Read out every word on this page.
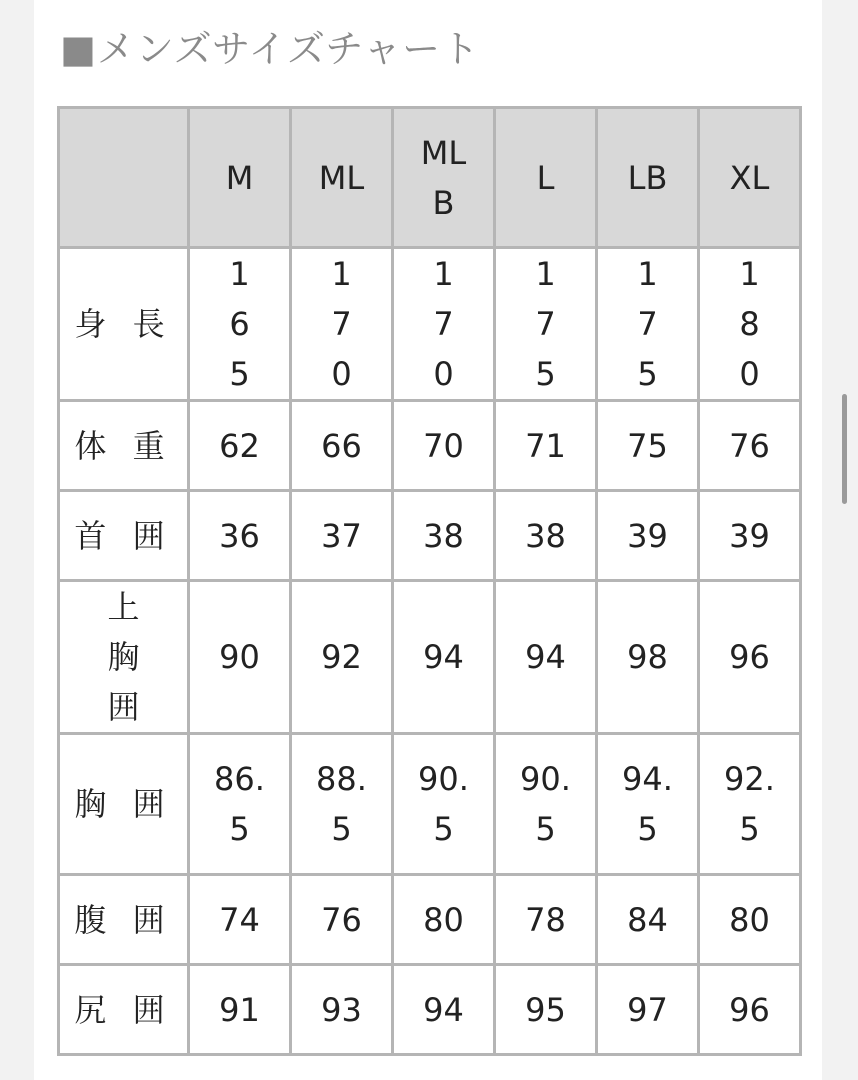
■メンズサイズチャート
	M	ML	MLB	L	LB	XL
身 長	165	170	170	175	175	180
体 重	62	66	70	71	75	76
首 囲	36	37	38	38	39	39
上胸囲	90	92	94	94	98	96
胸 囲	86.5	88.5	90.5	90.5	94.5	92.5
腹 囲	74	76	80	78	84	80
尻 囲	91	93	94	95	97	96
